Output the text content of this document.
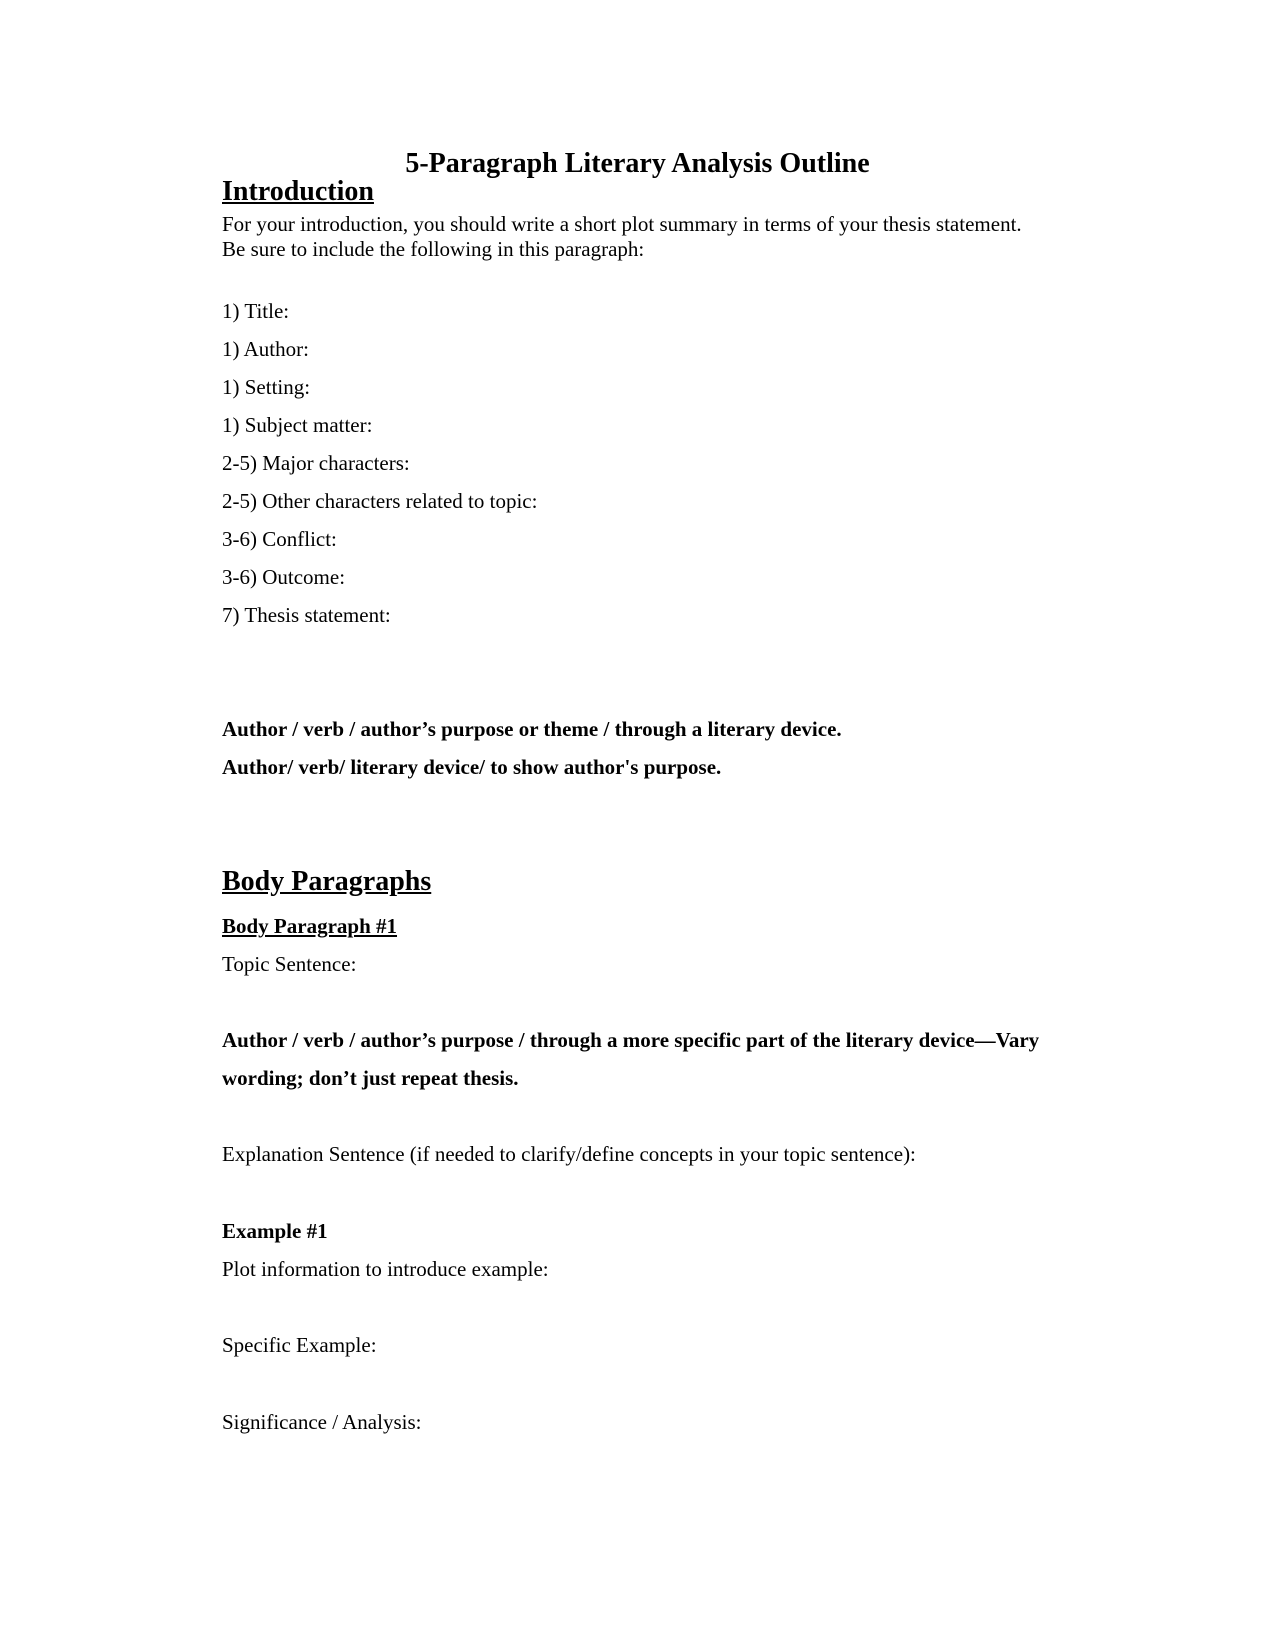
5-Paragraph Literary Analysis Outline
Introduction
For your introduction, you should write a short plot summary in terms of your thesis statement.
Be sure to include the following in this paragraph:
1) Title:
1) Author:
1) Setting:
1) Subject matter:
2-5) Major characters:
2-5) Other characters related to topic:
3-6) Conflict:
3-6) Outcome:
7) Thesis statement:
Author / verb / author’s purpose or theme / through a literary device.
Author/ verb/ literary device/ to show author's purpose.
Body Paragraphs
Body Paragraph #1
Topic Sentence:
Author / verb / author’s purpose / through a more specific part of the literary device—Vary
wording; don’t just repeat thesis.
Explanation Sentence (if needed to clarify/define concepts in your topic sentence):
Example #1
Plot information to introduce example:
Specific Example:
Significance / Analysis:
